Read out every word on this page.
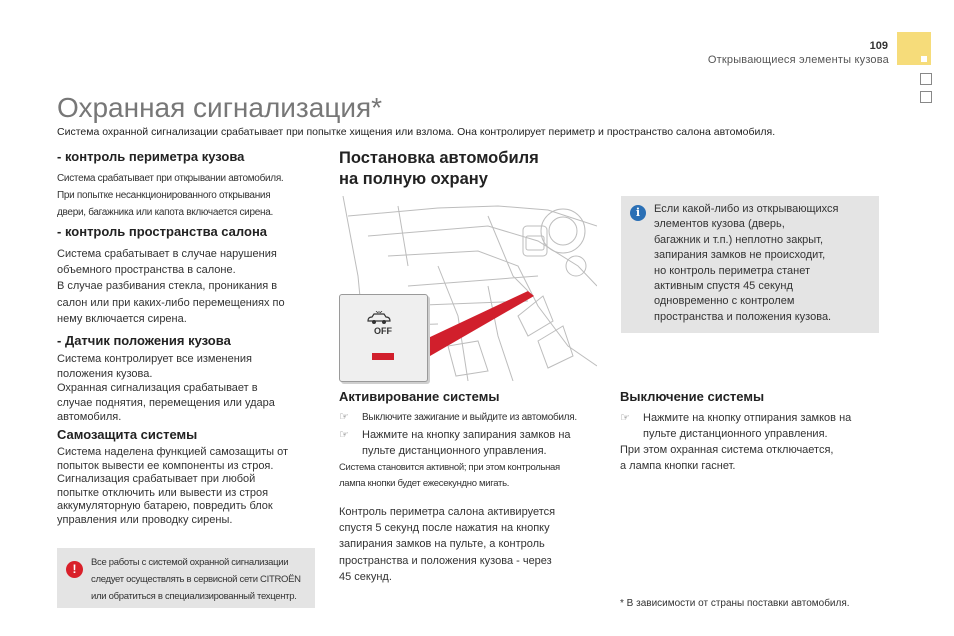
109
Открывающиеся элементы кузова
Охранная сигнализация*
Система охранной сигнализации срабатывает при попытке хищения или взлома. Она контролирует периметр и пространство салона автомобиля.
- контроль периметра кузова
Система срабатывает при открывании автомобиля.
При попытке несанкционированного открывания
двери, багажника или капота включается сирена.
- контроль пространства салона
Система срабатывает в случае нарушения
объемного пространства в салоне.
В случае разбивания стекла, проникания в
салон или при каких-либо перемещениях по
нему включается сирена.
- Датчик положения кузова
Система контролирует все изменения
положения кузова.
Охранная сигнализация срабатывает в
случае поднятия, перемещения или удара
автомобиля.
Самозащита системы
Система наделена функцией самозащиты от
попыток вывести ее компоненты из строя.
Сигнализация срабатывает при любой
попытке отключить или вывести из строя
аккумуляторную батарею, повредить блок
управления или проводку сирены.
!	Все работы с системой охранной сигнализации
следует осуществлять в сервисной сети CITROËN
или обратиться в специализированный техцентр.
Постановка автомобиля
на полную охрану
OFF
Активирование системы
☞ Выключите зажигание и выйдите из автомобиля.
☞ Нажмите на кнопку запирания замков на
пульте дистанционного управления.
Система становится активной; при этом контрольная
лампа кнопки будет ежесекундно мигать.
Контроль периметра салона активируется
спустя 5 секунд после нажатия на кнопку
запирания замков на пульте, а контроль
пространства и положения кузова - через
45 секунд.
i	Если какой-либо из открывающихся
элементов кузова (дверь,
багажник и т.п.) неплотно закрыт,
запирания замков не происходит,
но контроль периметра станет
активным спустя 45 секунд
одновременно с контролем
пространства и положения кузова.
Выключение системы
☞ Нажмите на кнопку отпирания замков на
пульте дистанционного управления.
При этом охранная система отключается,
а лампа кнопки гаснет.
* В зависимости от страны поставки автомобиля.
